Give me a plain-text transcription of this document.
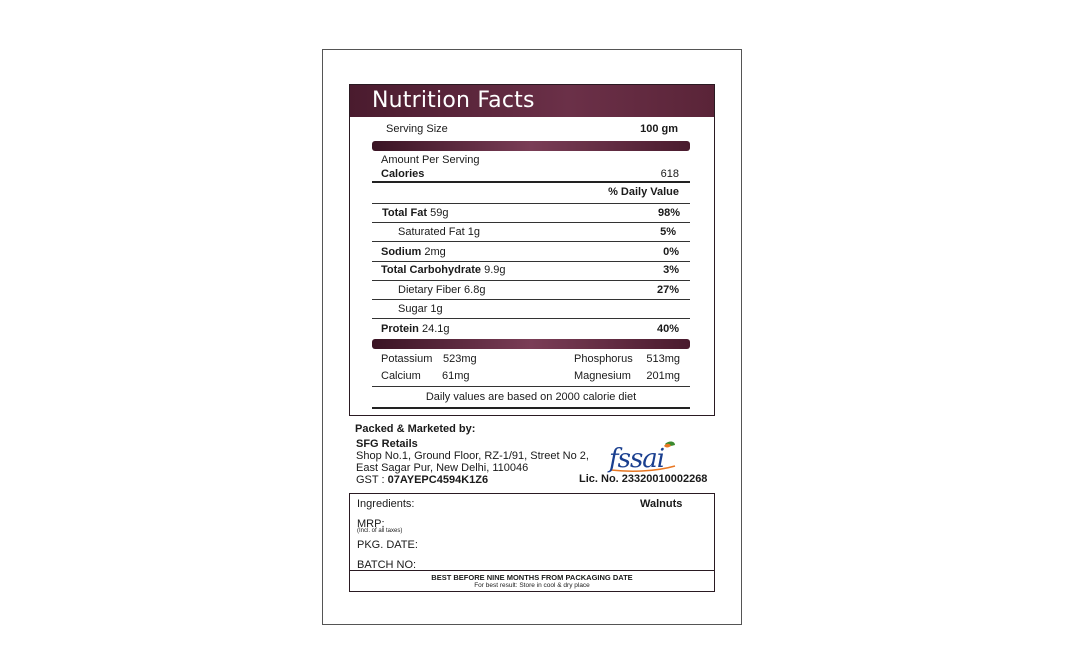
Nutrition Facts
Serving Size	100 gm
Amount Per Serving
Calories	618
% Daily Value
Total Fat 59g	98%
Saturated Fat 1g	5%
Sodium 2mg	0%
Total Carbohydrate 9.9g	3%
Dietary Fiber 6.8g	27%
Sugar 1g
Protein 24.1g	40%
Potassium 523mg	Phosphorus 513mg
Calcium 61mg	Magnesium 201mg
Daily values are based on 2000 calorie diet
Packed & Marketed by:
SFG Retails
Shop No.1, Ground Floor, RZ-1/91, Street No 2,
East Sagar Pur, New Delhi, 110046
GST : 07AYEPC4594K1Z6
fssai
Lic. No. 23320010002268
Ingredients:	Walnuts
MRP:
(Incl. of all taxes)
PKG. DATE:
BATCH NO:
BEST BEFORE NINE MONTHS FROM PACKAGING DATE
For best result: Store in cool & dry place
